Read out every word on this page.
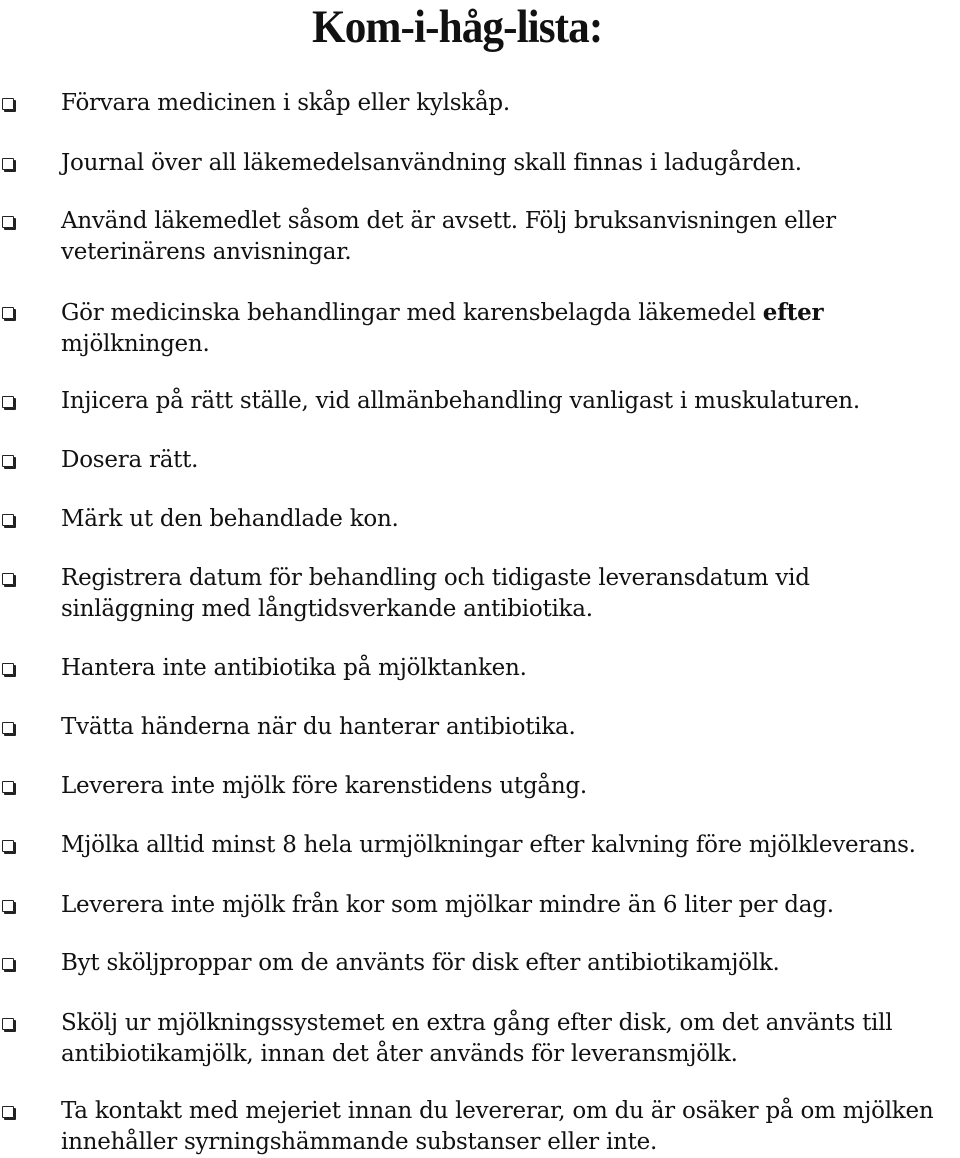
Kom-i-håg-lista:
Förvara medicinen i skåp eller kylskåp.
Journal över all läkemedelsanvändning skall finnas i ladugården.
Använd läkemedlet såsom det är avsett. Följ bruksanvisningen eller
veterinärens anvisningar.
Gör medicinska behandlingar med karensbelagda läkemedel efter
mjölkningen.
Injicera på rätt ställe, vid allmänbehandling vanligast i muskulaturen.
Dosera rätt.
Märk ut den behandlade kon.
Registrera datum för behandling och tidigaste leveransdatum vid
sinläggning med långtidsverkande antibiotika.
Hantera inte antibiotika på mjölktanken.
Tvätta händerna när du hanterar antibiotika.
Leverera inte mjölk före karenstidens utgång.
Mjölka alltid minst 8 hela urmjölkningar efter kalvning före mjölkleverans.
Leverera inte mjölk från kor som mjölkar mindre än 6 liter per dag.
Byt sköljproppar om de använts för disk efter antibiotikamjölk.
Skölj ur mjölkningssystemet en extra gång efter disk, om det använts till
antibiotikamjölk, innan det åter används för leveransmjölk.
Ta kontakt med mejeriet innan du levererar, om du är osäker på om mjölken
innehåller syrningshämmande substanser eller inte.
